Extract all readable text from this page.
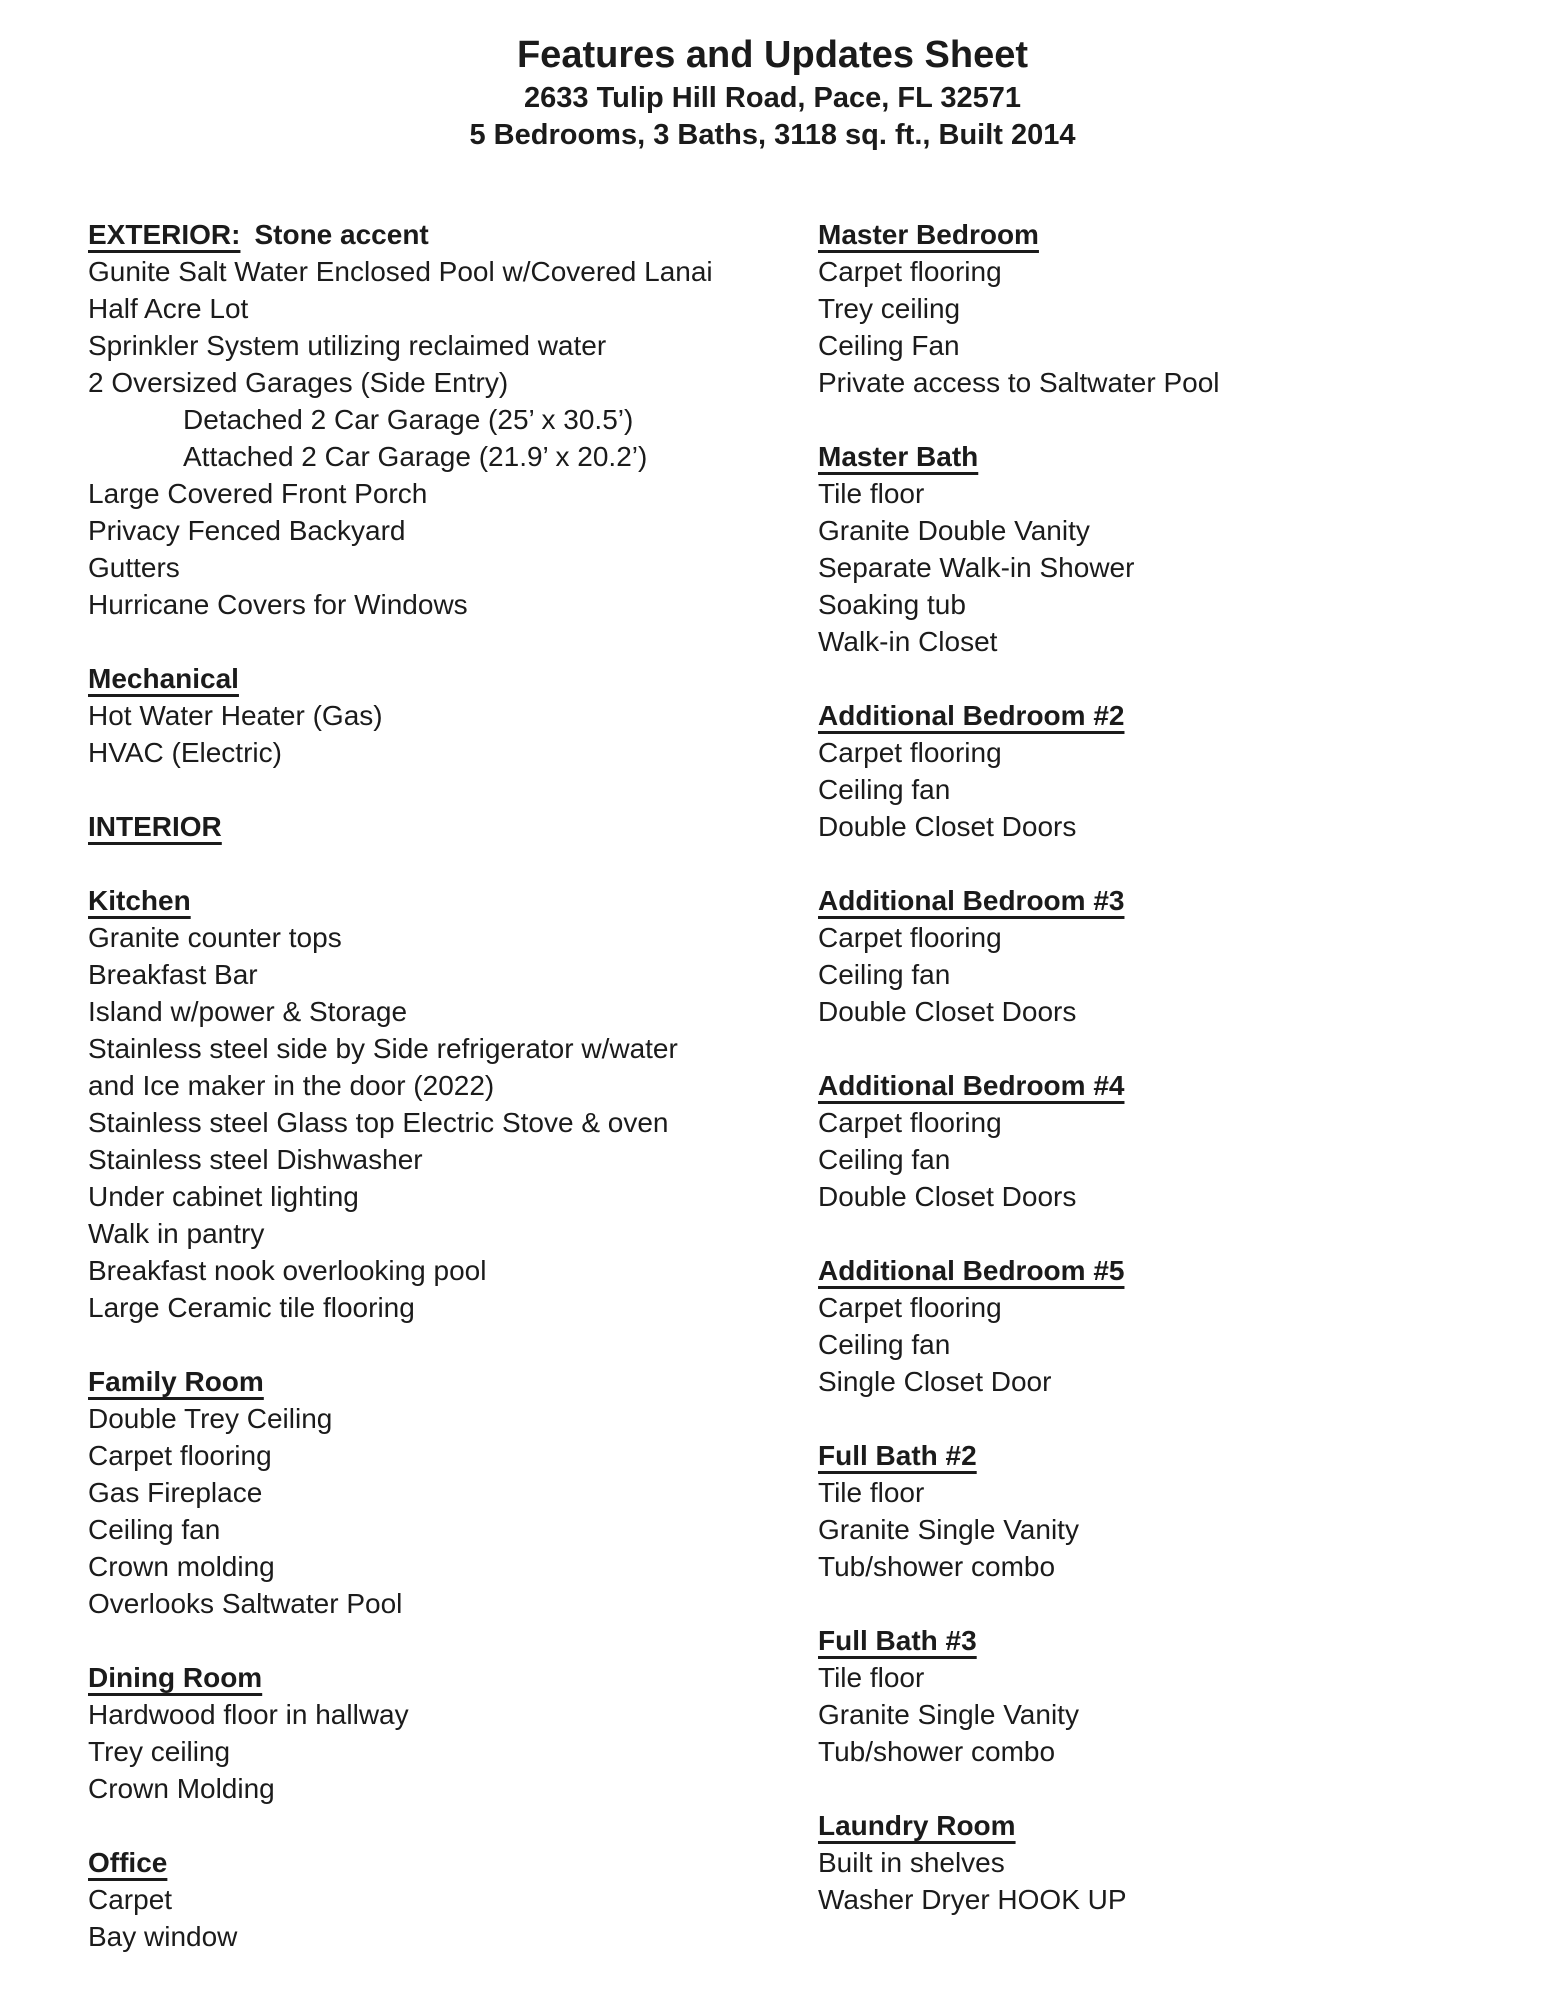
Features and Updates Sheet
2633 Tulip Hill Road, Pace, FL 32571
5 Bedrooms, 3 Baths, 3118 sq. ft., Built 2014
EXTERIOR: Stone accent
Gunite Salt Water Enclosed Pool w/Covered Lanai
Half Acre Lot
Sprinkler System utilizing reclaimed water
2 Oversized Garages (Side Entry)
Detached 2 Car Garage (25’ x 30.5’)
Attached 2 Car Garage (21.9’ x 20.2’)
Large Covered Front Porch
Privacy Fenced Backyard
Gutters
Hurricane Covers for Windows
Mechanical
Hot Water Heater (Gas)
HVAC (Electric)
INTERIOR
Kitchen
Granite counter tops
Breakfast Bar
Island w/power & Storage
Stainless steel side by Side refrigerator w/water
and Ice maker in the door (2022)
Stainless steel Glass top Electric Stove & oven
Stainless steel Dishwasher
Under cabinet lighting
Walk in pantry
Breakfast nook overlooking pool
Large Ceramic tile flooring
Family Room
Double Trey Ceiling
Carpet flooring
Gas Fireplace
Ceiling fan
Crown molding
Overlooks Saltwater Pool
Dining Room
Hardwood floor in hallway
Trey ceiling
Crown Molding
Office
Carpet
Bay window
Master Bedroom
Carpet flooring
Trey ceiling
Ceiling Fan
Private access to Saltwater Pool
Master Bath
Tile floor
Granite Double Vanity
Separate Walk-in Shower
Soaking tub
Walk-in Closet
Additional Bedroom #2
Carpet flooring
Ceiling fan
Double Closet Doors
Additional Bedroom #3
Carpet flooring
Ceiling fan
Double Closet Doors
Additional Bedroom #4
Carpet flooring
Ceiling fan
Double Closet Doors
Additional Bedroom #5
Carpet flooring
Ceiling fan
Single Closet Door
Full Bath #2
Tile floor
Granite Single Vanity
Tub/shower combo
Full Bath #3
Tile floor
Granite Single Vanity
Tub/shower combo
Laundry Room
Built in shelves
Washer Dryer HOOK UP
